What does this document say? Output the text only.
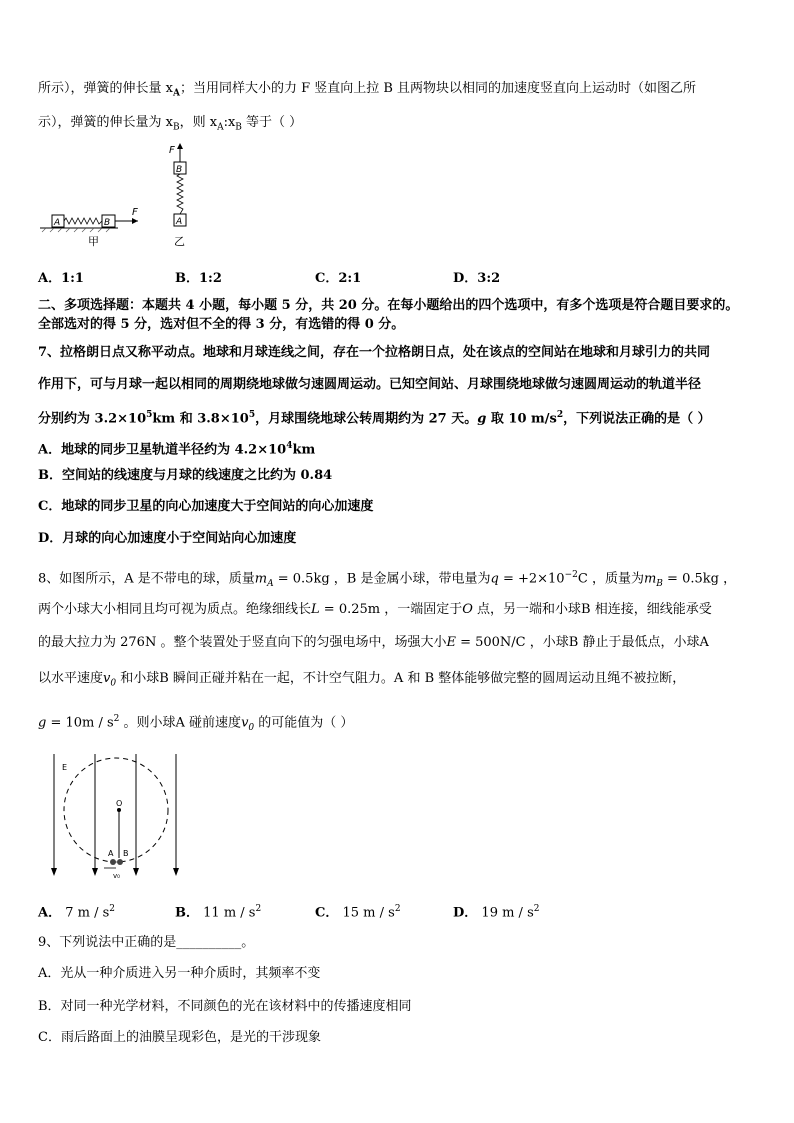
所示），弹簧的伸长量 $x_A$；当用同样大小的力 F 竖直向上拉 B 且两物块以相同的加速度竖直向上运动时（如图乙所
示），弹簧的伸长量为 $x_B$，则 $x_A:x_B$ 等于（ ）
A	B
F
甲
F
B
A
乙
A．1:1	B．1:2	C．2:1	D．3:2
二、多项选择题：本题共 4 小题，每小题 5 分，共 20 分。在每小题给出的四个选项中，有多个选项是符合题目要求的。
全部选对的得 5 分，选对但不全的得 3 分，有选错的得 0 分。
7、拉格朗日点又称平动点。地球和月球连线之间，存在一个拉格朗日点，处在该点的空间站在地球和月球引力的共同
作用下，可与月球一起以相同的周期绕地球做匀速圆周运动。已知空间站、月球围绕地球做匀速圆周运动的轨道半径
分别约为 $3.2\times 10^5km$ 和 $3.8\times 10^5$，月球围绕地球公转周期约为 27 天。g 取 10 $m/s^2$，下列说法正确的是（ ）
A．地球的同步卫星轨道半径约为 $4.2\times 10^4km$
B．空间站的线速度与月球的线速度之比约为 0.84
C．地球的同步卫星的向心加速度大于空间站的向心加速度
D．月球的向心加速度小于空间站向心加速度
8、如图所示，A 是不带电的球，质量$m_A = 0.5kg$ ，B 是金属小球，带电量为$q = +2\times 10^{-2}C$ ，质量为$m_B = 0.5kg$ ，
两个小球大小相同且均可视为质点。绝缘细线长L = 0.25m ，一端固定于O 点，另一端和小球B 相连接，细线能承受
的最大拉力为 276N 。整个装置处于竖直向下的匀强电场中，场强大小E = 500N/C ，小球B 静止于最低点，小球A
以水平速度$v_0$ 和小球B 瞬间正碰并粘在一起，不计空气阻力。A 和 B 整体能够做完整的圆周运动且绳不被拉断，
$g = 10m / s^2$ 。则小球A 碰前速度$v_0$ 的可能值为（ ）
E
O
A B
v₀
A． 7 m / $s^2$	B． 11 m / $s^2$	C． 15 m / $s^2$	D． 19 m / $s^2$
9、下列说法中正确的是__________。
A．光从一种介质进入另一种介质时，其频率不变
B．对同一种光学材料，不同颜色的光在该材料中的传播速度相同
C．雨后路面上的油膜呈现彩色，是光的干涉现象
